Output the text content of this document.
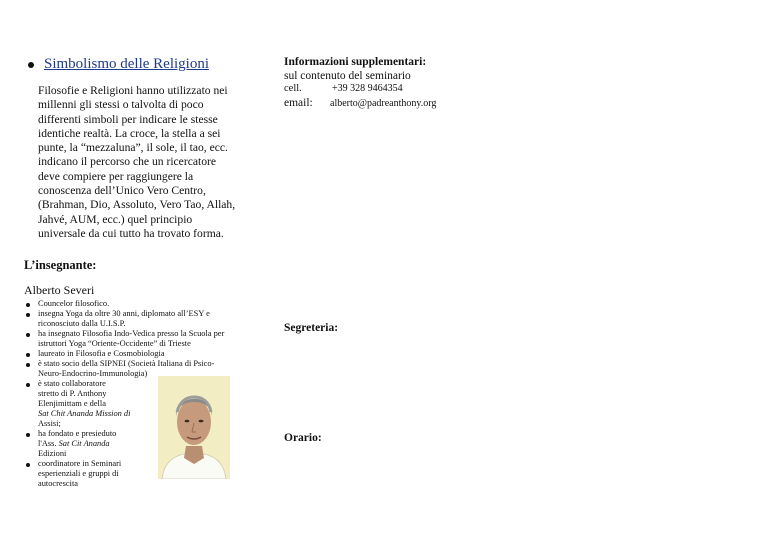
Simbolismo delle Religioni
Filosofie e Religioni hanno utilizzato nei
millenni gli stessi o talvolta di poco
differenti simboli per indicare le stesse
identiche realtà. La croce, la stella a sei
punte, la “mezzaluna”, il sole, il tao, ecc.
indicano il percorso che un ricercatore
deve compiere per raggiungere la
conoscenza dell’Unico Vero Centro,
(Brahman, Dio, Assoluto, Vero Tao, Allah,
Jahvé, AUM, ecc.) quel principio
universale da cui tutto ha trovato forma.
L’insegnante:
Alberto Severi
Councelor filosofico.
insegna Yoga da oltre 30 anni, diplomato all’ESY e
riconosciuto dalla U.I.S.P.
ha insegnato Filosofia Indo-Vedica presso la Scuola per
istruttori Yoga “Oriente-Occidente” di Trieste
laureato in Filosofia e Cosmobiologia
è stato socio della SIPNEI (Società Italiana di Psico-
Neuro-Endocrino-Immunologia)
è stato collaboratore
stretto di P. Anthony
Elenjimittam e della
Sat Chit Ananda Mission di
Assisi;
ha fondato e presieduto
l'Ass. Sat Cit Ananda
Edizioni
coordinatore in Seminari
esperienziali e gruppi di
autocrescita
Informazioni supplementari:
sul contenuto del seminario
cell.	+39 328 9464354
email: alberto@padreanthony.org
Segreteria:
Orario:
